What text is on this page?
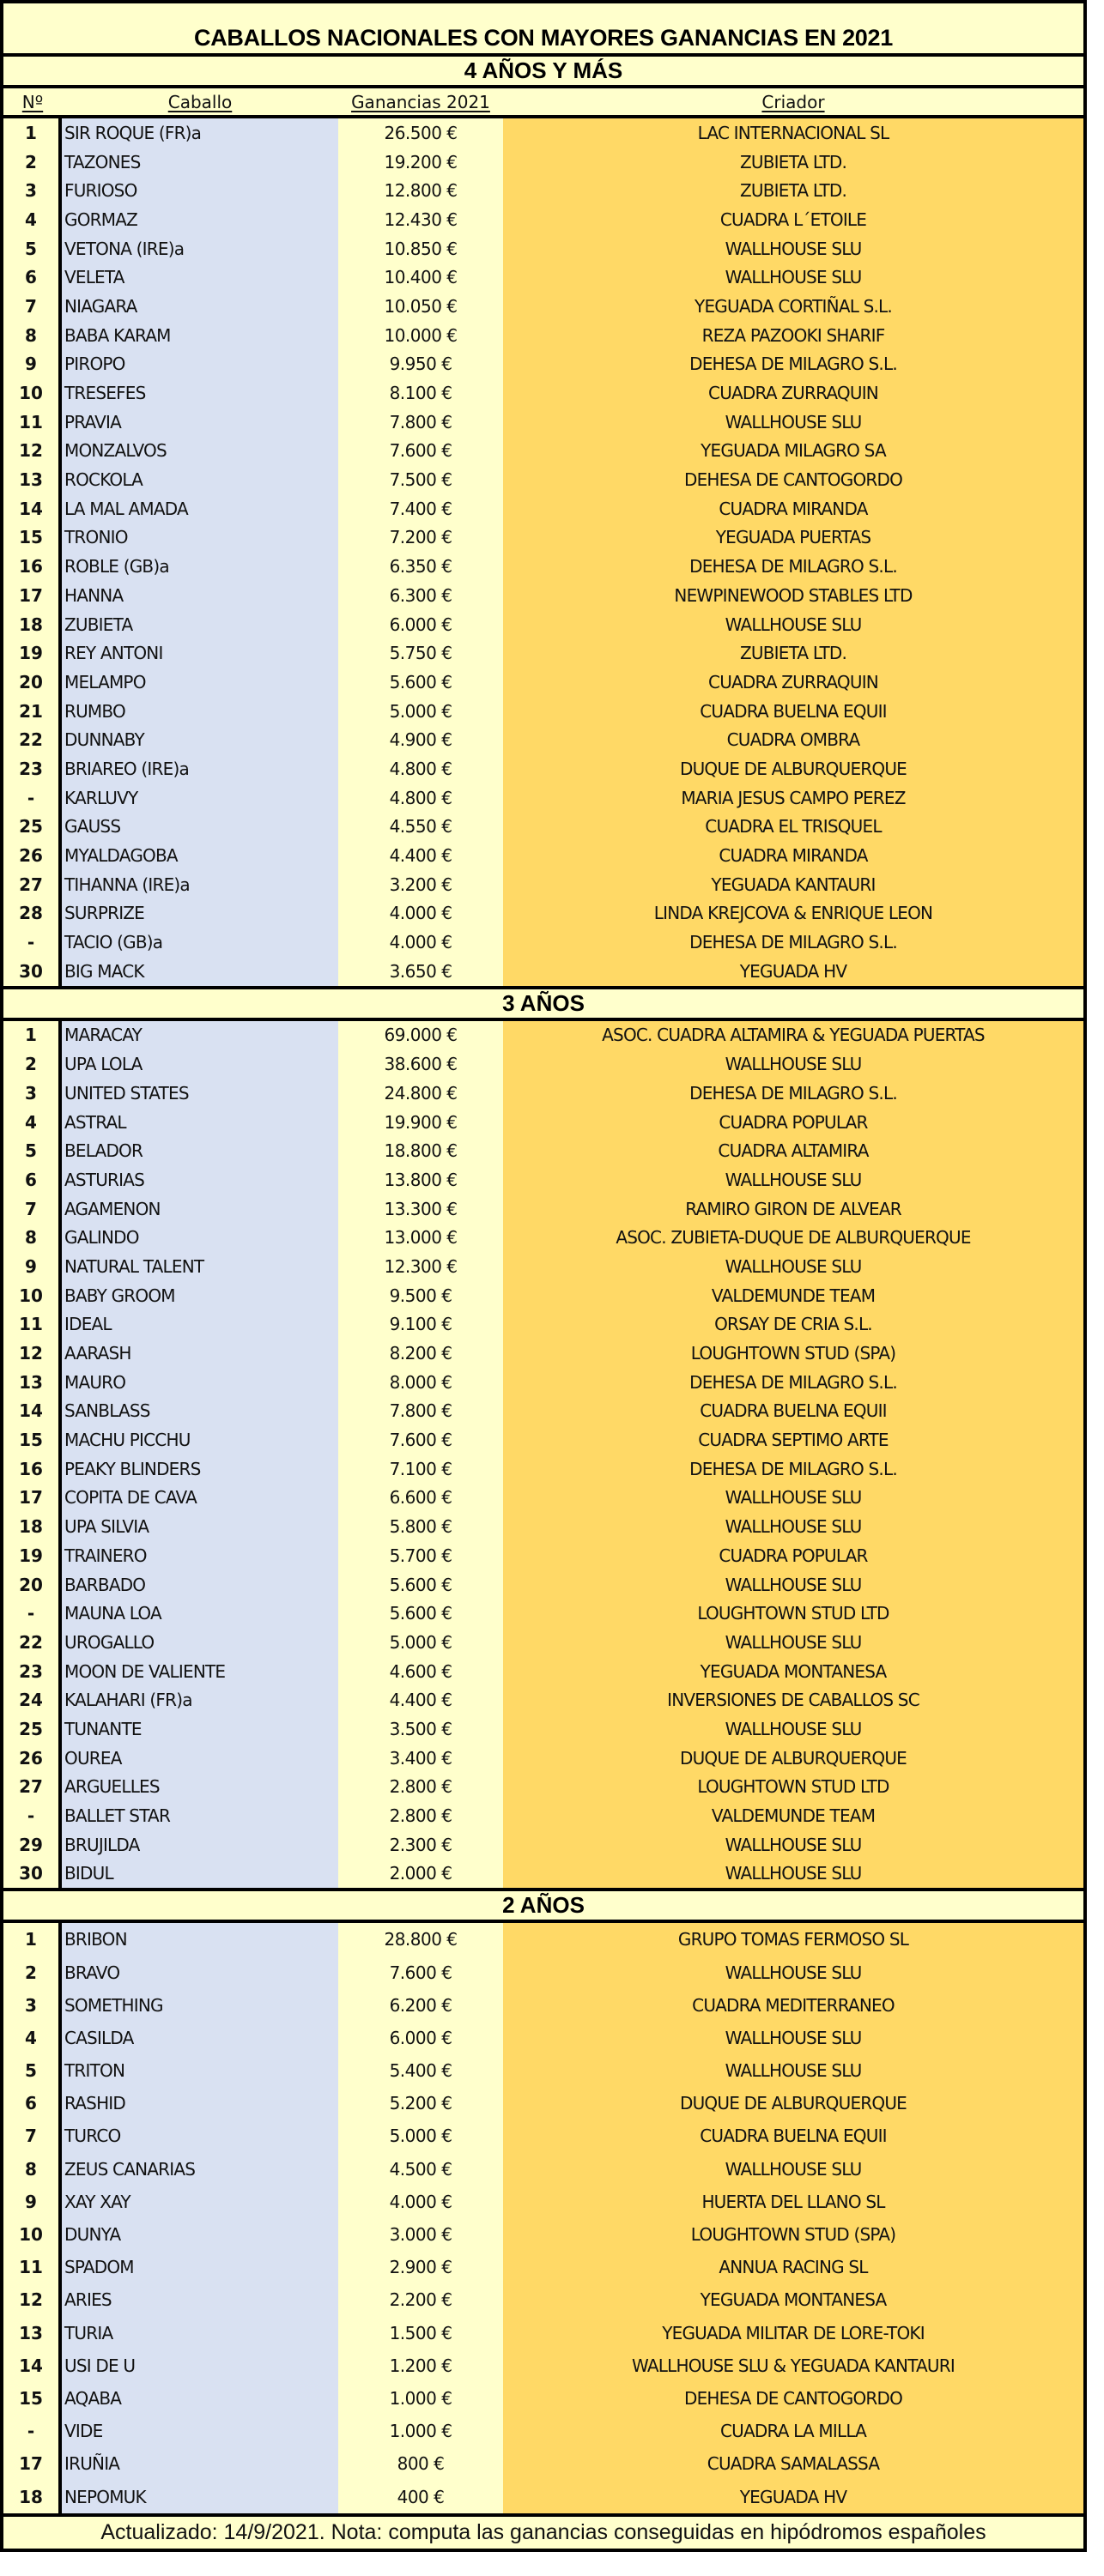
CABALLOS NACIONALES CON MAYORES GANANCIAS EN 2021
4 AÑOS Y MÁS
Nº	Caballo	Ganancias 2021	Criador
1	SIR ROQUE (FR)a	26.500 €	LAC INTERNACIONAL SL
2	TAZONES	19.200 €	ZUBIETA LTD.
3	FURIOSO	12.800 €	ZUBIETA LTD.
4	GORMAZ	12.430 €	CUADRA L´ETOILE
5	VETONA (IRE)a	10.850 €	WALLHOUSE SLU
6	VELETA	10.400 €	WALLHOUSE SLU
7	NIAGARA	10.050 €	YEGUADA CORTIÑAL S.L.
8	BABA KARAM	10.000 €	REZA PAZOOKI SHARIF
9	PIROPO	9.950 €	DEHESA DE MILAGRO S.L.
10	TRESEFES	8.100 €	CUADRA ZURRAQUIN
11	PRAVIA	7.800 €	WALLHOUSE SLU
12	MONZALVOS	7.600 €	YEGUADA MILAGRO SA
13	ROCKOLA	7.500 €	DEHESA DE CANTOGORDO
14	LA MAL AMADA	7.400 €	CUADRA MIRANDA
15	TRONIO	7.200 €	YEGUADA PUERTAS
16	ROBLE (GB)a	6.350 €	DEHESA DE MILAGRO S.L.
17	HANNA	6.300 €	NEWPINEWOOD STABLES LTD
18	ZUBIETA	6.000 €	WALLHOUSE SLU
19	REY ANTONI	5.750 €	ZUBIETA LTD.
20	MELAMPO	5.600 €	CUADRA ZURRAQUIN
21	RUMBO	5.000 €	CUADRA BUELNA EQUII
22	DUNNABY	4.900 €	CUADRA OMBRA
23	BRIAREO (IRE)a	4.800 €	DUQUE DE ALBURQUERQUE
-	KARLUVY	4.800 €	MARIA JESUS CAMPO PEREZ
25	GAUSS	4.550 €	CUADRA EL TRISQUEL
26	MYALDAGOBA	4.400 €	CUADRA MIRANDA
27	TIHANNA (IRE)a	3.200 €	YEGUADA KANTAURI
28	SURPRIZE	4.000 €	LINDA KREJCOVA & ENRIQUE LEON
-	TACIO (GB)a	4.000 €	DEHESA DE MILAGRO S.L.
30	BIG MACK	3.650 €	YEGUADA HV
3 AÑOS
1	MARACAY	69.000 €	ASOC. CUADRA ALTAMIRA & YEGUADA PUERTAS
2	UPA LOLA	38.600 €	WALLHOUSE SLU
3	UNITED STATES	24.800 €	DEHESA DE MILAGRO S.L.
4	ASTRAL	19.900 €	CUADRA POPULAR
5	BELADOR	18.800 €	CUADRA ALTAMIRA
6	ASTURIAS	13.800 €	WALLHOUSE SLU
7	AGAMENON	13.300 €	RAMIRO GIRON DE ALVEAR
8	GALINDO	13.000 €	ASOC. ZUBIETA-DUQUE DE ALBURQUERQUE
9	NATURAL TALENT	12.300 €	WALLHOUSE SLU
10	BABY GROOM	9.500 €	VALDEMUNDE TEAM
11	IDEAL	9.100 €	ORSAY DE CRIA S.L.
12	AARASH	8.200 €	LOUGHTOWN STUD (SPA)
13	MAURO	8.000 €	DEHESA DE MILAGRO S.L.
14	SANBLASS	7.800 €	CUADRA BUELNA EQUII
15	MACHU PICCHU	7.600 €	CUADRA SEPTIMO ARTE
16	PEAKY BLINDERS	7.100 €	DEHESA DE MILAGRO S.L.
17	COPITA DE CAVA	6.600 €	WALLHOUSE SLU
18	UPA SILVIA	5.800 €	WALLHOUSE SLU
19	TRAINERO	5.700 €	CUADRA POPULAR
20	BARBADO	5.600 €	WALLHOUSE SLU
-	MAUNA LOA	5.600 €	LOUGHTOWN STUD LTD
22	UROGALLO	5.000 €	WALLHOUSE SLU
23	MOON DE VALIENTE	4.600 €	YEGUADA MONTANESA
24	KALAHARI (FR)a	4.400 €	INVERSIONES DE CABALLOS SC
25	TUNANTE	3.500 €	WALLHOUSE SLU
26	OUREA	3.400 €	DUQUE DE ALBURQUERQUE
27	ARGUELLES	2.800 €	LOUGHTOWN STUD LTD
-	BALLET STAR	2.800 €	VALDEMUNDE TEAM
29	BRUJILDA	2.300 €	WALLHOUSE SLU
30	BIDUL	2.000 €	WALLHOUSE SLU
2 AÑOS
1	BRIBON	28.800 €	GRUPO TOMAS FERMOSO SL
2	BRAVO	7.600 €	WALLHOUSE SLU
3	SOMETHING	6.200 €	CUADRA MEDITERRANEO
4	CASILDA	6.000 €	WALLHOUSE SLU
5	TRITON	5.400 €	WALLHOUSE SLU
6	RASHID	5.200 €	DUQUE DE ALBURQUERQUE
7	TURCO	5.000 €	CUADRA BUELNA EQUII
8	ZEUS CANARIAS	4.500 €	WALLHOUSE SLU
9	XAY XAY	4.000 €	HUERTA DEL LLANO SL
10	DUNYA	3.000 €	LOUGHTOWN STUD (SPA)
11	SPADOM	2.900 €	ANNUA RACING SL
12	ARIES	2.200 €	YEGUADA MONTANESA
13	TURIA	1.500 €	YEGUADA MILITAR DE LORE-TOKI
14	USI DE U	1.200 €	WALLHOUSE SLU & YEGUADA KANTAURI
15	AQABA	1.000 €	DEHESA DE CANTOGORDO
-	VIDE	1.000 €	CUADRA LA MILLA
17	IRUÑIA	800 €	CUADRA SAMALASSA
18	NEPOMUK	400 €	YEGUADA HV
Actualizado: 14/9/2021. Nota: computa las ganancias conseguidas en hipódromos españoles
